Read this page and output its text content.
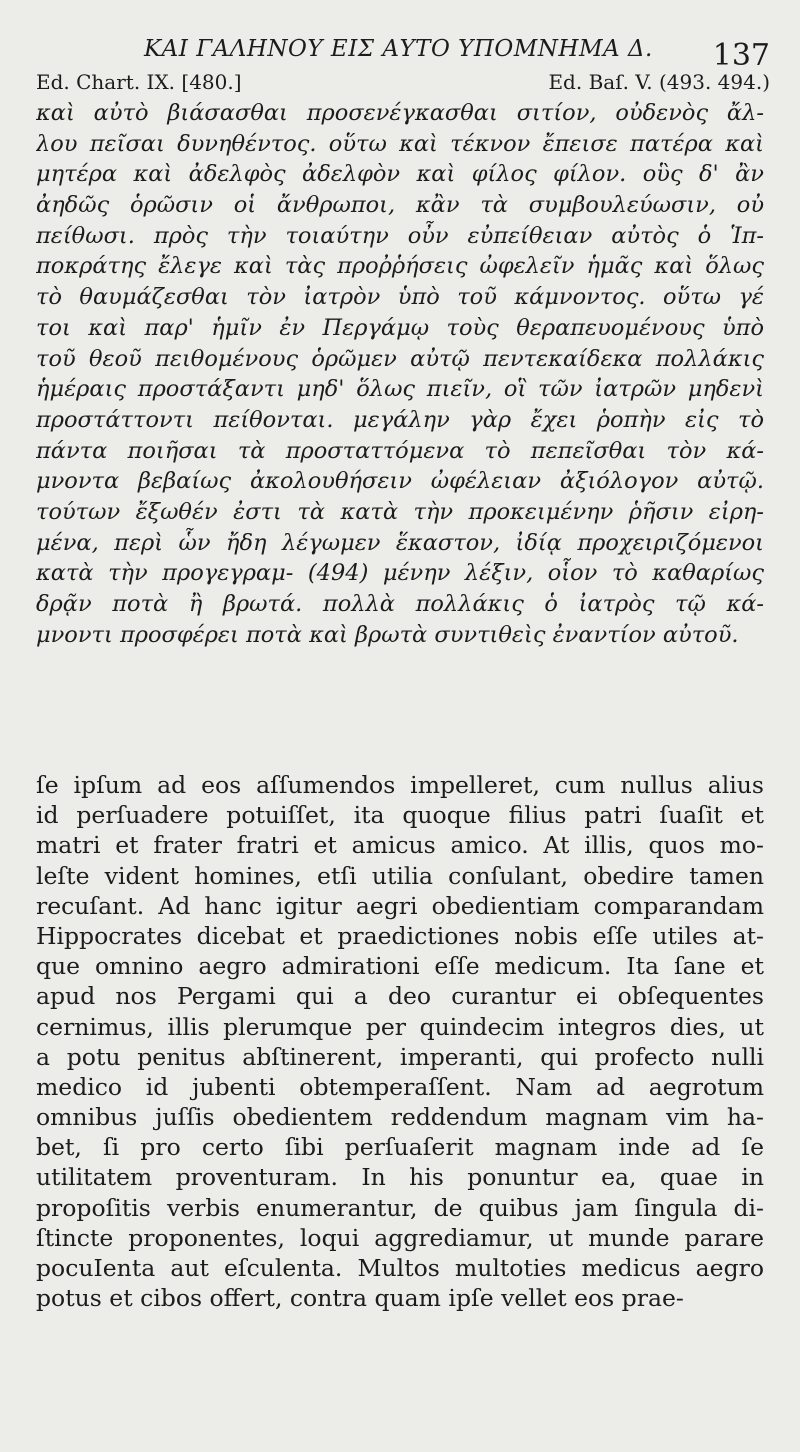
ΚΑΙ ΓΑΛΗΝΟΥ ΕΙΣ ΑΥΤΟ ΥΠΟΜΝΗΜΑ Δ. 137
Ed. Chart. IX. [480.]	Ed. Baſ. V. (493. 494.)
καὶ αὐτὸ βιάσασθαι προσενέγκασθαι σιτίον, οὐδενὸς ἄλ-
λου πεῖσαι δυνηθέντος. οὕτω καὶ τέκνον ἔπεισε πατέρα καὶ
μητέρα καὶ ἀδελφὸς ἀδελφὸν καὶ φίλος φίλον. οὓς δ' ἂν
ἀηδῶς ὁρῶσιν οἱ ἄνθρωποι, κἂν τὰ συμβουλεύωσιν, οὐ
πείθωσι. πρὸς τὴν τοιαύτην οὖν εὐπείθειαν αὐτὸς ὁ Ἱπ-
ποκράτης ἔλεγε καὶ τὰς προῤῥήσεις ὠφελεῖν ἡμᾶς καὶ ὅλως
τὸ θαυμάζεσθαι τὸν ἰατρὸν ὑπὸ τοῦ κάμνοντος. οὕτω γέ
τοι καὶ παρ' ἡμῖν ἐν Περγάμῳ τοὺς θεραπευομένους ὑπὸ
τοῦ θεοῦ πειθομένους ὁρῶμεν αὐτῷ πεντεκαίδεκα πολλάκις
ἡμέραις προστάξαντι μηδ' ὅλως πιεῖν, οἳ τῶν ἰατρῶν μηδενὶ
προστάττοντι πείθονται. μεγάλην γὰρ ἔχει ῥοπὴν εἰς τὸ
πάντα ποιῆσαι τὰ προσταττόμενα τὸ πεπεῖσθαι τὸν κά-
μνοντα βεβαίως ἀκολουθήσειν ὠφέλειαν ἀξιόλογον αὐτῷ.
τούτων ἔξωθέν ἐστι τὰ κατὰ τὴν προκειμένην ῥῆσιν εἰρη-
μένα, περὶ ὧν ἤδη λέγωμεν ἕκαστον, ἰδίᾳ προχειριζόμενοι
κατὰ τὴν προγεγραμ- (494) μένην λέξιν, οἷον τὸ καθαρίως
δρᾷν ποτὰ ἢ βρωτά. πολλὰ πολλάκις ὁ ἰατρὸς τῷ κά-
μνοντι προσφέρει ποτὰ καὶ βρωτὰ συντιθεὶς ἐναντίον αὐτοῦ.
ſe ipſum ad eos aſſumendos impelleret, cum nullus alius
id perſuadere potuiſſet, ita quoque filius patri ſuaſit et
matri et frater fratri et amicus amico. At illis, quos mo-
leſte vident homines, etſi utilia conſulant, obedire tamen
recuſant. Ad hanc igitur aegri obedientiam comparandam
Hippocrates dicebat et praedictiones nobis eſſe utiles at-
que omnino aegro admirationi eſſe medicum. Ita ſane et
apud nos Pergami qui a deo curantur ei obſequentes
cernimus, illis plerumque per quindecim integros dies, ut
a potu penitus abſtinerent, imperanti, qui profecto nulli
medico id jubenti obtemperaſſent. Nam ad aegrotum
omnibus juſſis obedientem reddendum magnam vim ha-
bet, ſi pro certo ſibi perſuaſerit magnam inde ad ſe
utilitatem proventuram. In his ponuntur ea, quae in
propoſitis verbis enumerantur, de quibus jam ſingula di-
ſtincte proponentes, loqui aggrediamur, ut munde parare
pocuIenta aut eſculenta. Multos multoties medicus aegro
potus et cibos offert, contra quam ipſe vellet eos prae-
